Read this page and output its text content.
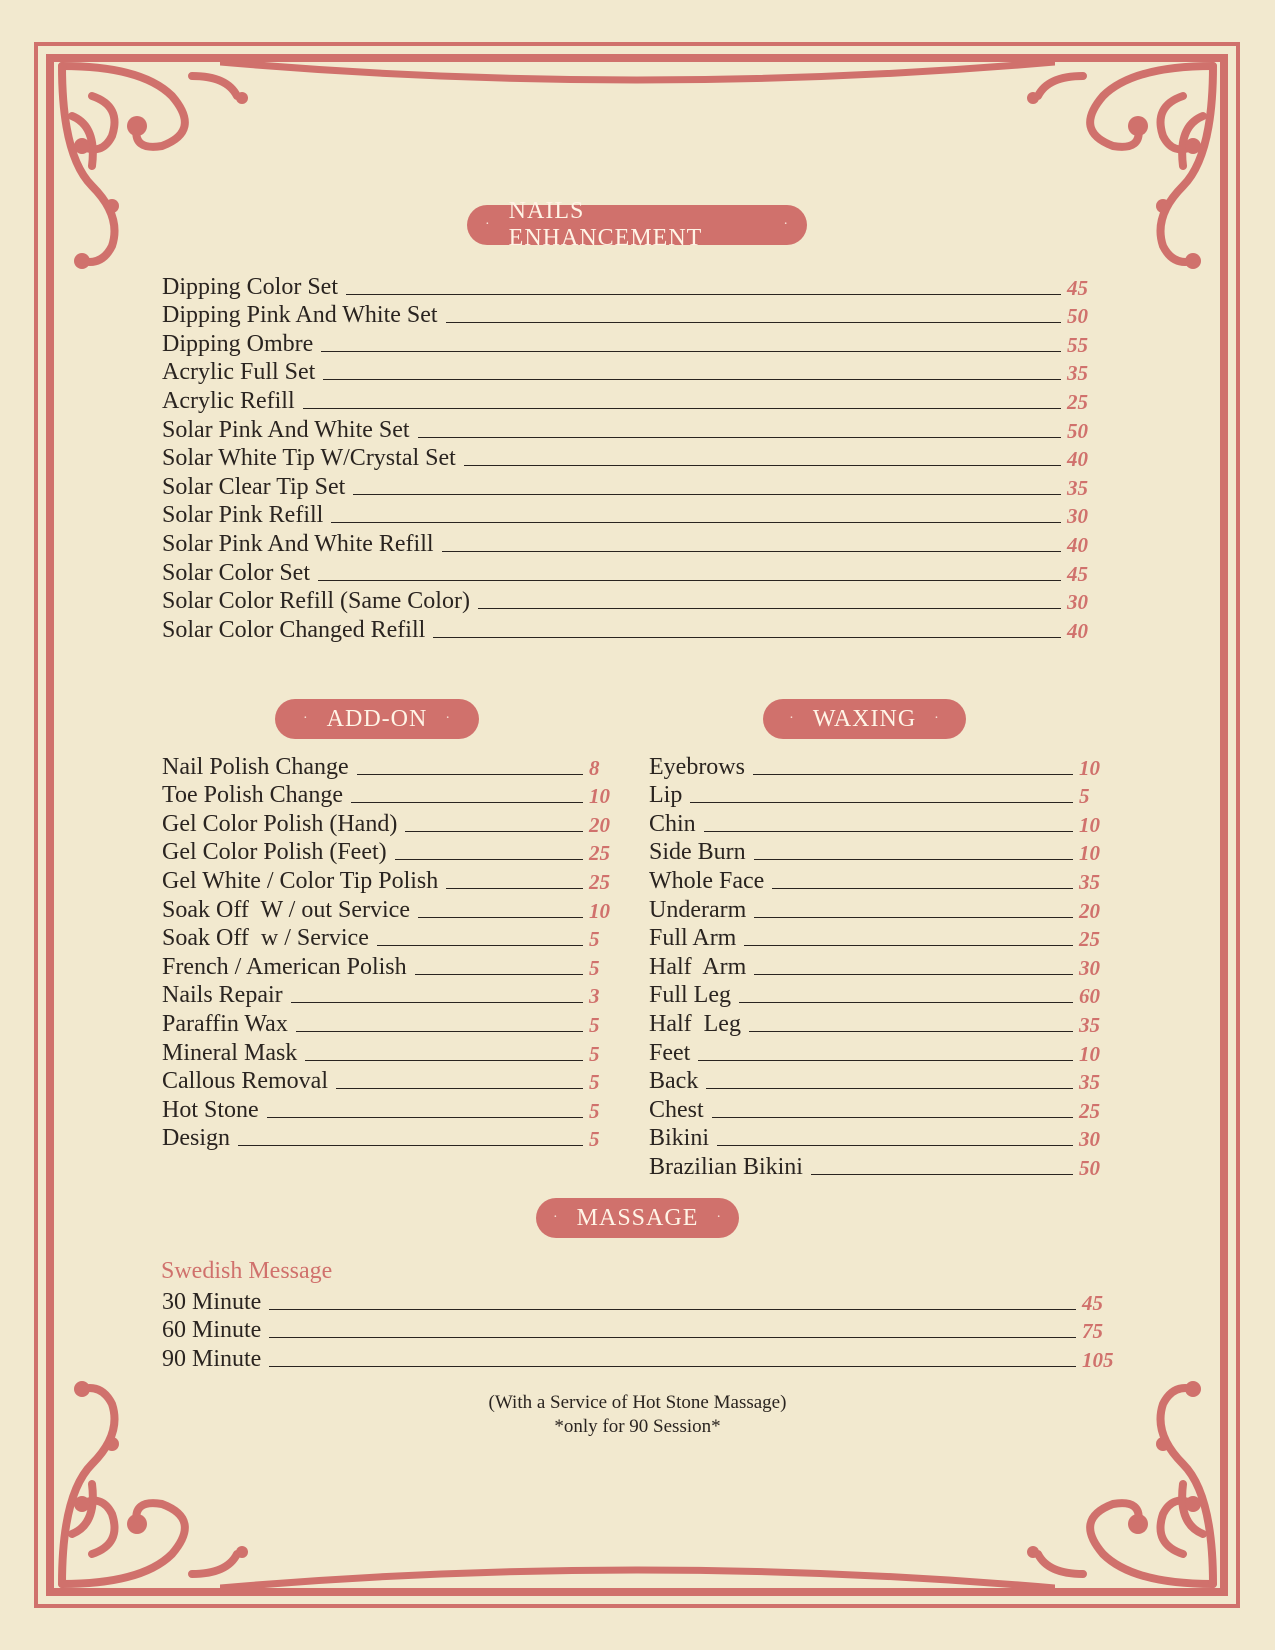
·
NAILS ENHANCEMENT
·
Dipping Color Set	45
Dipping Pink And White Set	50
Dipping Ombre	55
Acrylic Full Set	35
Acrylic Refill	25
Solar Pink And White Set	50
Solar White Tip W/Crystal Set	40
Solar Clear Tip Set	35
Solar Pink Refill	30
Solar Pink And White Refill	40
Solar Color Set	45
Solar Color Refill (Same Color)	30
Solar Color Changed Refill	40
· ADD-ON ·
Nail Polish Change	8
Toe Polish Change	10
Gel Color Polish (Hand)	20
Gel Color Polish (Feet)	25
Gel White / Color Tip Polish	25
Soak Off  W / out Service	10
Soak Off  w / Service	5
French / American Polish	5
Nails Repair	3
Paraffin Wax	5
Mineral Mask	5
Callous Removal	5
Hot Stone	5
Design	5
· WAXING ·
Eyebrows	10
Lip	5
Chin	10
Side Burn	10
Whole Face	35
Underarm	20
Full Arm	25
Half  Arm	30
Full Leg	60
Half  Leg	35
Feet	10
Back	35
Chest	25
Bikini	30
Brazilian Bikini	50
· MASSAGE ·
Swedish Message
30 Minute	45
60 Minute	75
90 Minute	105
(With a Service of Hot Stone Massage)
*only for 90 Session*
